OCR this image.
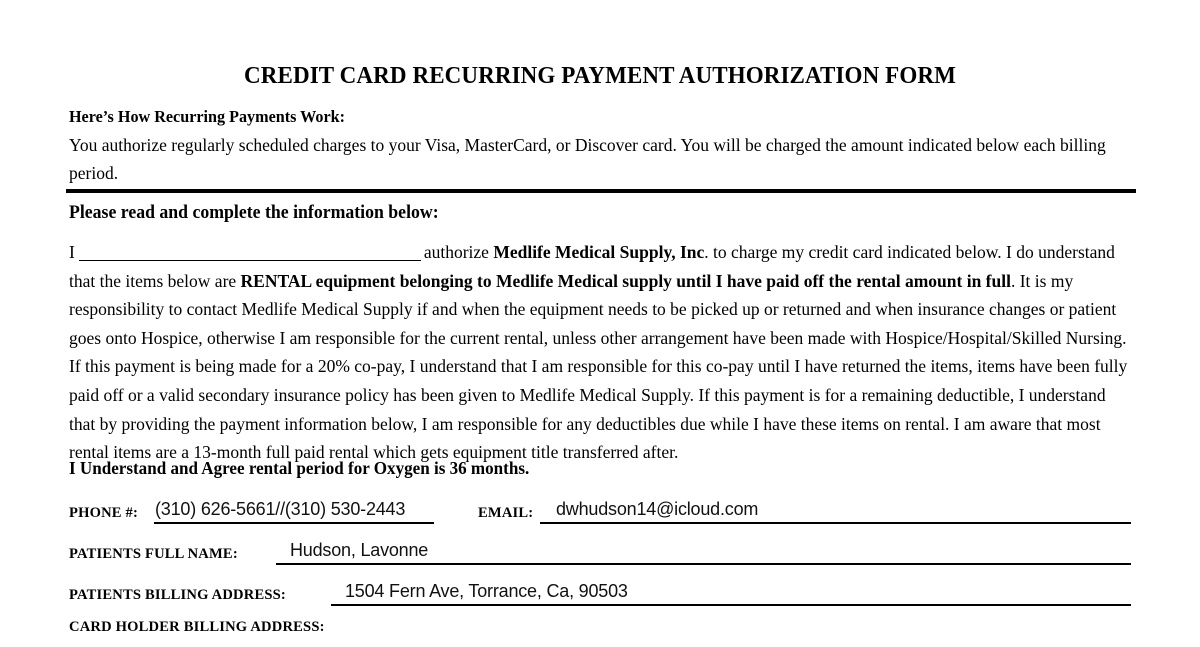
CREDIT CARD RECURRING PAYMENT AUTHORIZATION FORM
Here’s How Recurring Payments Work:

You authorize regularly scheduled charges to your Visa, MasterCard, or Discover card. You will be charged the amount indicated below each billing period.

Please read and complete the information below:
I	authorize Medlife Medical Supply, Inc. to charge my credit card indicated below. I do understand that the items below are RENTAL equipment belonging to Medlife Medical supply until I have paid off the rental amount in full. It is my responsibility to contact Medlife Medical Supply if and when the equipment needs to be picked up or returned and when insurance changes or patient goes onto Hospice, otherwise I am responsible for the current rental, unless other arrangement have been made with Hospice/Hospital/Skilled Nursing. If this payment is being made for a 20% co-pay, I understand that I am responsible for this co-pay until I have returned the items, items have been fully paid off or a valid secondary insurance policy has been given to Medlife Medical Supply. If this payment is for a remaining deductible, I understand that by providing the payment information below, I am responsible for any deductibles due while I have these items on rental. I am aware that most rental items are a 13-month full paid rental which gets equipment title transferred after.
I Understand and Agree rental period for Oxygen is 36 months.
PHONE #: (310) 626-5661//(310) 530-2443	EMAIL: dwhudson14@icloud.com
PATIENTS FULL NAME:	Hudson, Lavonne
PATIENTS BILLING ADDRESS:	1504 Fern Ave, Torrance, Ca, 90503
CARD HOLDER BILLING ADDRESS:
